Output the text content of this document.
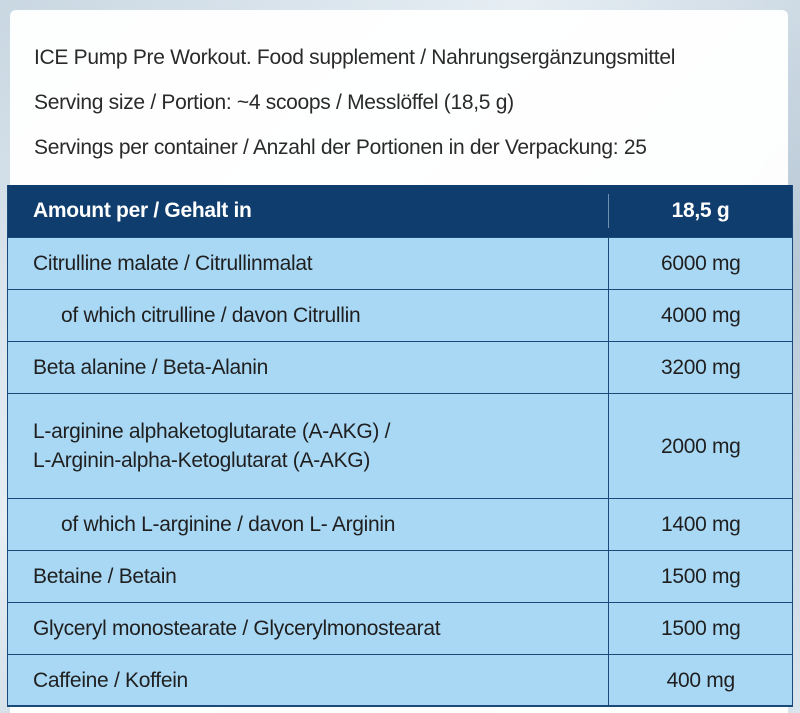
ICE Pump Pre Workout. Food supplement / Nahrungsergänzungsmittel
Serving size / Portion: ~4 scoops / Messlöffel (18,5 g)
Servings per container / Anzahl der Portionen in der Verpackung: 25
Amount per / Gehalt in	18,5 g
Citrulline malate / Citrullinmalat	6000 mg
of which citrulline / davon Citrullin	4000 mg
Beta alanine / Beta-Alanin	3200 mg

L-arginine alphaketoglutarate (A-AKG) /
L-Arginin-alpha-Ketoglutarat (A-AKG)	2000 mg
of which L-arginine / davon L- Arginin	1400 mg
Betaine / Betain	1500 mg
Glyceryl monostearate / Glycerylmonostearat	1500 mg
Caffeine / Koffein	400 mg
